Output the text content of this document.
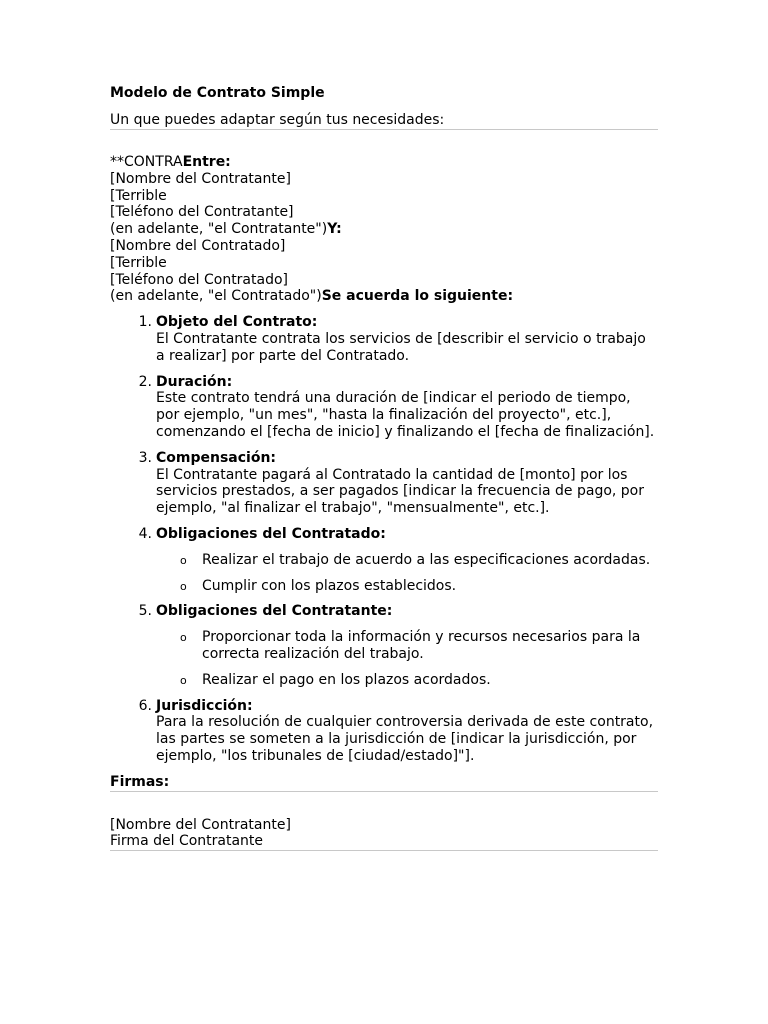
Modelo de Contrato Simple

Un que puedes adaptar según tus necesidades:

**CONTRAEntre:
[Nombre del Contratante]
[Terrible
[Teléfono del Contratante]
(en adelante, "el Contratante")Y:
[Nombre del Contratado]
[Terrible
[Teléfono del Contratado]
(en adelante, "el Contratado")Se acuerda lo siguiente:
1. Objeto del Contrato:
El Contratante contrata los servicios de [describir el servicio o trabajo a realizar] por parte del Contratado.
2. Duración:
Este contrato tendrá una duración de [indicar el periodo de tiempo, por ejemplo, "un mes", "hasta la finalización del proyecto", etc.], comenzando el [fecha de inicio] y finalizando el [fecha de finalización].
3. Compensación:
El Contratante pagará al Contratado la cantidad de [monto] por los servicios prestados, a ser pagados [indicar la frecuencia de pago, por ejemplo, "al finalizar el trabajo", "mensualmente", etc.].
4. Obligaciones del Contratado:
o Realizar el trabajo de acuerdo a las especificaciones acordadas.
o Cumplir con los plazos establecidos.
5. Obligaciones del Contratante:
o Proporcionar toda la información y recursos necesarios para la correcta realización del trabajo.
o Realizar el pago en los plazos acordados.
6. Jurisdicción:
Para la resolución de cualquier controversia derivada de este contrato, las partes se someten a la jurisdicción de [indicar la jurisdicción, por ejemplo, "los tribunales de [ciudad/estado]"].
Firmas:
[Nombre del Contratante]
Firma del Contratante
